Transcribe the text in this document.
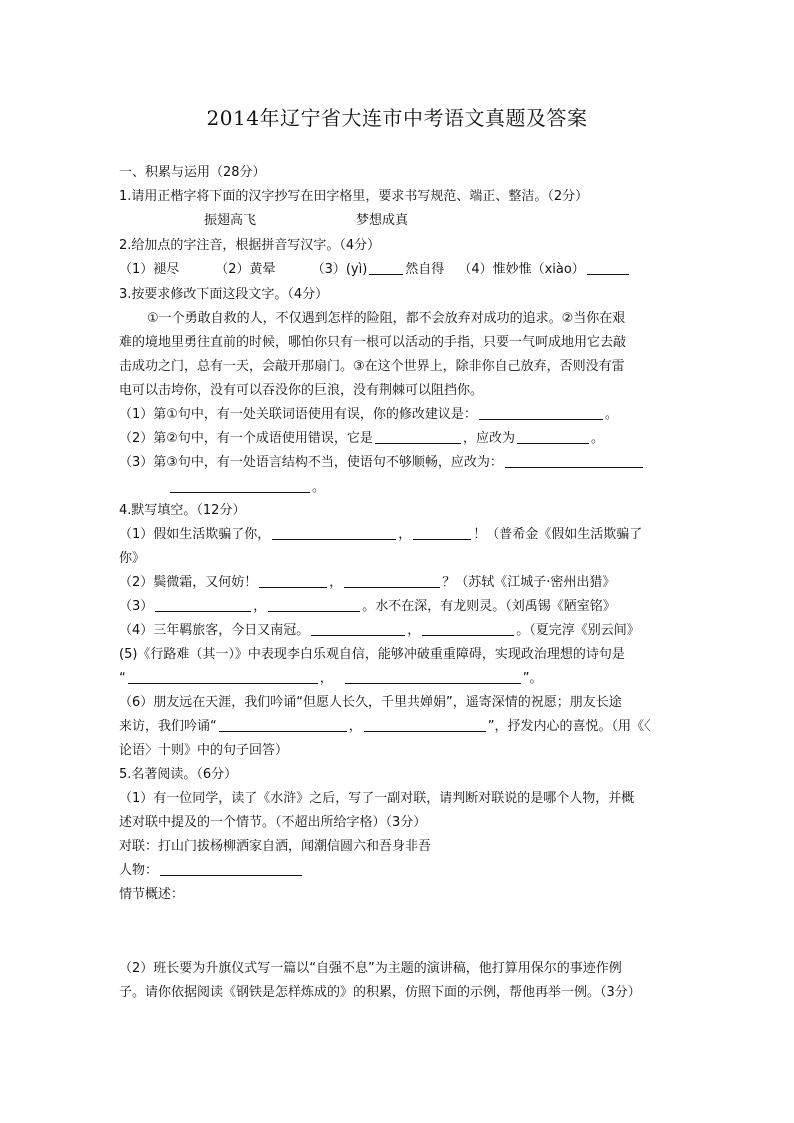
2014年辽宁省大连市中考语文真题及答案
一、积累与运用（28分）
1.请用正楷字将下面的汉字抄写在田字格里，要求书写规范、端正、整洁。（2分）
振翅高飞	梦想成真
2.给加点的字注音，根据拼音写汉字。（4分）
（1）褪尽	（2）黄晕	（3）(yì)	然自得 （4）惟妙惟（xiào）
3.按要求修改下面这段文字。（4分）
①一个勇敢自救的人，不仅遇到怎样的险阻，都不会放弃对成功的追求。②当你在艰
难的境地里勇往直前的时候，哪怕你只有一根可以活动的手指，只要一气呵成地用它去敲
击成功之门，总有一天，会敲开那扇门。③在这个世界上，除非你自己放弃，否则没有雷
电可以击垮你，没有可以吞没你的巨浪，没有荆棘可以阻挡你。
（1）第①句中，有一处关联词语使用有误，你的修改建议是：	。
（2）第②句中，有一个成语使用错误，它是	，应改为	。
（3）第③句中，有一处语言结构不当，使语句不够顺畅，应改为：
。
4.默写填空。（12分）
（1）假如生活欺骗了你，	，	！（普希金《假如生活欺骗了
你》
（2）鬓微霜，又何妨！	，	？（苏轼《江城子·密州出猎》
（3）	，	。水不在深，有龙则灵。（刘禹锡《陋室铭》
（4）三年羁旅客，今日又南冠。	，	。（夏完淳《别云间》
(5)《行路难（其一）》中表现李白乐观自信，能够冲破重重障碍，实现政治理想的诗句是
“	，	”。
（6）朋友远在天涯，我们吟诵“但愿人长久，千里共婵娟”，遥寄深情的祝愿；朋友长途
来访，我们吟诵“	，	”，抒发内心的喜悦。（用《〈
论语〉十则》中的句子回答）
5.名著阅读。（6分）
（1）有一位同学，读了《水浒》之后，写了一副对联，请判断对联说的是哪个人物，并概
述对联中提及的一个情节。（不超出所给字格）（3分）
对联：打山门拔杨柳洒家自洒，闻潮信圆六和吾身非吾
人物：
情节概述：
（2）班长要为升旗仪式写一篇以“自强不息”为主题的演讲稿，他打算用保尔的事迹作例
子。请你依据阅读《钢铁是怎样炼成的》的积累，仿照下面的示例，帮他再举一例。（3分）
